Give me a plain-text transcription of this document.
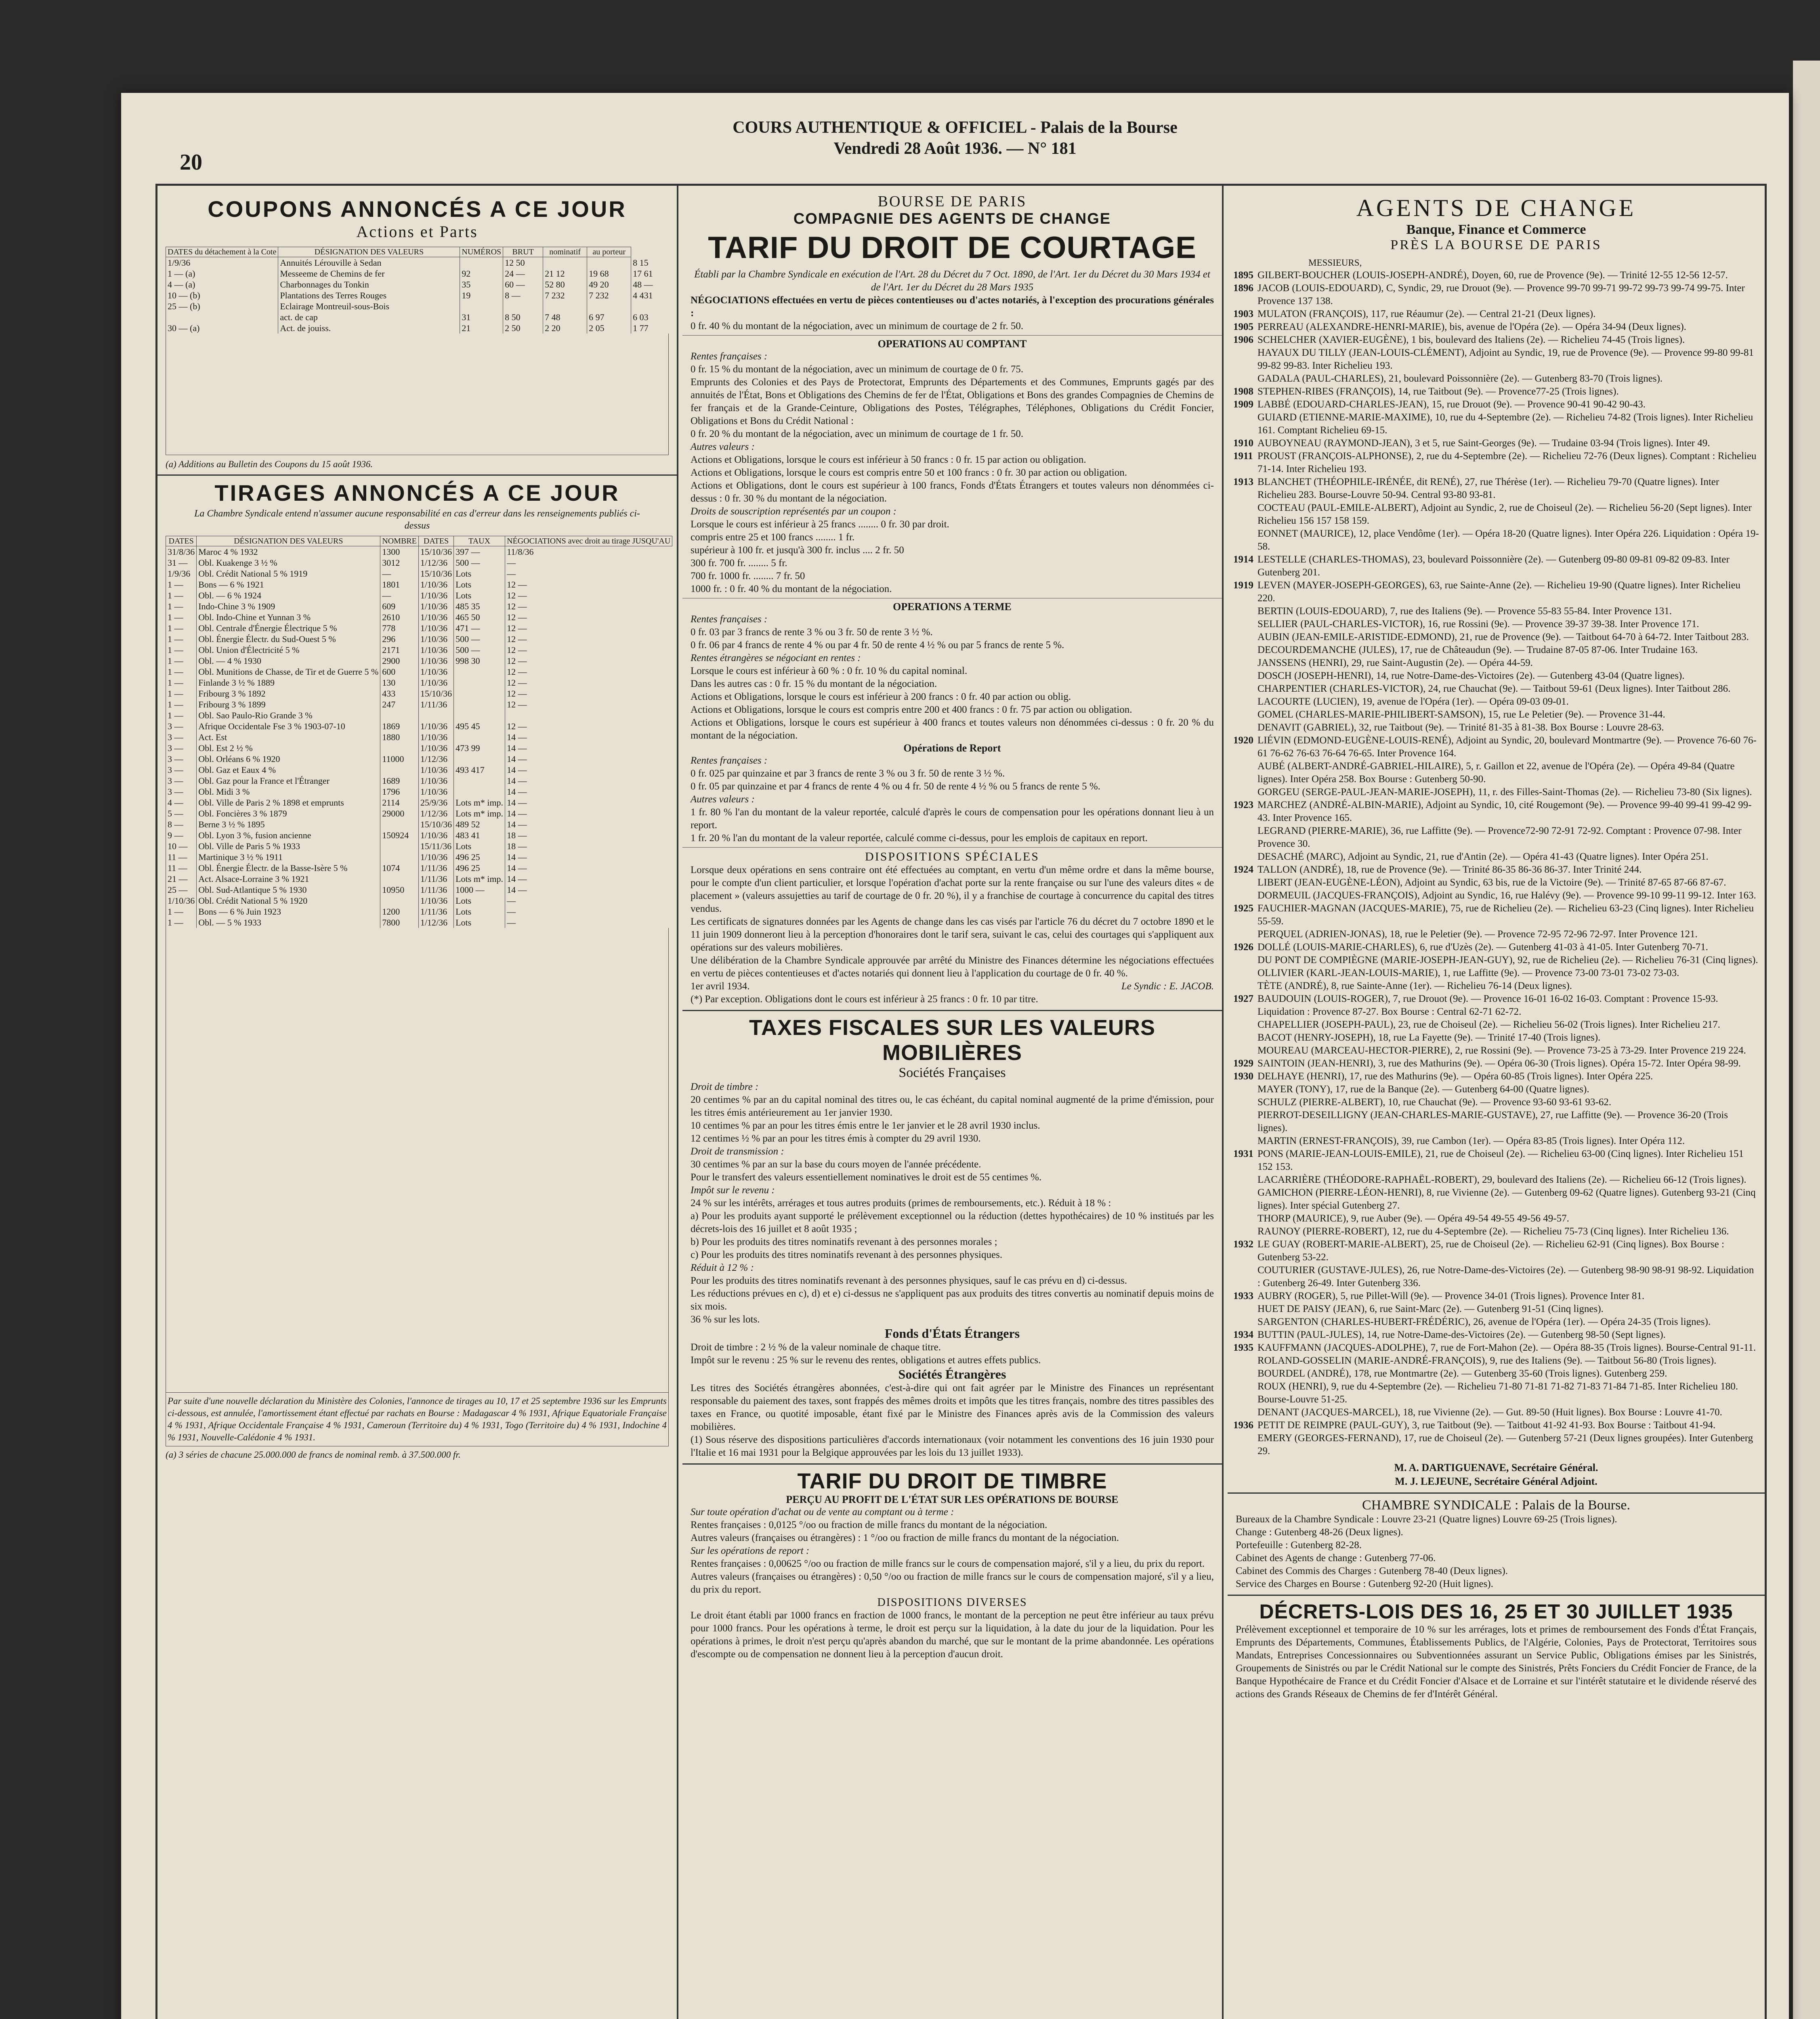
COURS AUTHENTIQUE & OFFICIEL - Palais de la Bourse
Vendredi 28 Août 1936. — N° 181
20
COUPONS ANNONCÉS A CE JOUR
Actions et Parts
DATES du détachement à la Cote	DÉSIGNATION DES VALEURS	NUMÉROS	BRUT	nominatif	au porteur	
1/9/36	Annuités Lérouville à Sedan		12 50			8 15
1 — (a)	Messeeme de Chemins de fer	92	24 —	21 12	19 68	17 61
4 — (a)	Charbonnages du Tonkin	35	60 —	52 80	49 20	48 —
10 — (b)	Plantations des Terres Rouges	19	8 —	7 232	7 232	4 431
25 — (b)	Eclairage Montreuil-sous-Bois					
	act. de cap	31	8 50	7 48	6 97	6 03
30 — (a)	Act. de jouiss.	21	2 50	2 20	2 05	1 77
(a) Additions au Bulletin des Coupons du 15 août 1936.
TIRAGES ANNONCÉS A CE JOUR
La Chambre Syndicale entend n'assumer aucune responsabilité en cas d'erreur dans les renseignements publiés ci-dessus
DATES	DÉSIGNATION DES VALEURS	NOMBRE	DATES	TAUX	NÉGOCIATIONS avec droit au tirage JUSQU'AU
31/8/36	Maroc 4 % 1932	1300	15/10/36	397 —	11/8/36
31 —	Obl. Kuakenge 3 ½ %	3012	1/12/36	500 —	—
1/9/36	Obl. Crédit National 5 % 1919	—	15/10/36	Lots	—
1 —	Bons — 6 % 1921	1801	1/10/36	Lots	12 —
1 —	Obl. — 6 % 1924	—	1/10/36	Lots	12 —
1 —	Indo-Chine 3 % 1909	609	1/10/36	485 35	12 —
1 —	Obl. Indo-Chine et Yunnan 3 %	2610	1/10/36	465 50	12 —
1 —	Obl. Centrale d'Énergie Électrique 5 %	778	1/10/36	471 —	12 —
1 —	Obl. Énergie Électr. du Sud-Ouest 5 %	296	1/10/36	500 —	12 —
1 —	Obl. Union d'Électricité 5 %	2171	1/10/36	500 —	12 —
1 —	Obl. — 4 % 1930	2900	1/10/36	998 30	12 —
1 —	Obl. Munitions de Chasse, de Tir et de Guerre 5 %	600	1/10/36		12 —
1 —	Finlande 3 ½ % 1889	130	1/10/36		12 —
1 —	Fribourg 3 % 1892	433	15/10/36		12 —
1 —	Fribourg 3 % 1899	247	1/11/36		12 —
1 —	Obl. Sao Paulo-Rio Grande 3 %				
3 —	Afrique Occidentale Fse 3 % 1903-07-10	1869	1/10/36	495 45	12 —
3 —	Act. Est	1880	1/10/36		14 —
3 —	Obl. Est 2 ½ %		1/10/36	473 99	14 —
3 —	Obl. Orléans 6 % 1920	11000	1/12/36		14 —
3 —	Obl. Gaz et Eaux 4 %		1/10/36	493 417	14 —
3 —	Obl. Gaz pour la France et l'Étranger	1689	1/10/36		14 —
3 —	Obl. Midi 3 %	1796	1/10/36		14 —
4 —	Obl. Ville de Paris 2 % 1898 et emprunts	2114	25/9/36	Lots m* imp.	14 —
5 —	Obl. Foncières 3 % 1879	29000	1/12/36	Lots m* imp.	14 —
8 —	Berne 3 ½ % 1895		15/10/36	489 52	14 —
9 —	Obl. Lyon 3 %, fusion ancienne	150924	1/10/36	483 41	18 —
10 —	Obl. Ville de Paris 5 % 1933		15/11/36	Lots	18 —
11 —	Martinique 3 ½ % 1911		1/10/36	496 25	14 —
11 —	Obl. Énergie Électr. de la Basse-Isère 5 %	1074	1/11/36	496 25	14 —
21 —	Act. Alsace-Lorraine 3 % 1921		1/11/36	Lots m* imp.	14 —
25 —	Obl. Sud-Atlantique 5 % 1930	10950	1/11/36	1000 —	14 —
1/10/36	Obl. Crédit National 5 % 1920		1/10/36	Lots	—
1 —	Bons — 6 % Juin 1923	1200	1/11/36	Lots	—
1 —	Obl. — 5 % 1933	7800	1/12/36	Lots	—
Par suite d'une nouvelle déclaration du Ministère des Colonies, l'annonce de tirages au 10, 17 et 25 septembre 1936 sur les Emprunts ci-dessous, est annulée, l'amortissement étant effectué par rachats en Bourse : Madagascar 4 % 1931, Afrique Equatoriale Française 4 % 1931, Afrique Occidentale Française 4 % 1931, Cameroun (Territoire du) 4 % 1931, Togo (Territoire du) 4 % 1931, Indochine 4 % 1931, Nouvelle-Calédonie 4 % 1931.
(a) 3 séries de chacune 25.000.000 de francs de nominal remb. à 37.500.000 fr.
BOURSE DE PARIS
COMPAGNIE DES AGENTS DE CHANGE
TARIF DU DROIT DE COURTAGE
Établi par la Chambre Syndicale en exécution de l'Art. 28 du Décret du 7 Oct. 1890, de l'Art. 1er du Décret du 30 Mars 1934 et de l'Art. 1er du Décret du 28 Mars 1935
NÉGOCIATIONS effectuées en vertu de pièces contentieuses ou d'actes notariés, à l'exception des procurations générales :
0 fr. 40 % du montant de la négociation, avec un minimum de courtage de 2 fr. 50.
OPERATIONS AU COMPTANT
Rentes françaises :
0 fr. 15 % du montant de la négociation, avec un minimum de courtage de 0 fr. 75.
Emprunts des Colonies et des Pays de Protectorat, Emprunts des Départements et des Communes, Emprunts gagés par des annuités de l'État, Bons et Obligations des Chemins de fer de l'État, Obligations et Bons des grandes Compagnies de Chemins de fer français et de la Grande-Ceinture, Obligations des Postes, Télégraphes, Téléphones, Obligations du Crédit Foncier, Obligations et Bons du Crédit National :
0 fr. 20 % du montant de la négociation, avec un minimum de courtage de 1 fr. 50.
Autres valeurs :
Actions et Obligations, lorsque le cours est inférieur à 50 francs : 0 fr. 15 par action ou obligation.
Actions et Obligations, lorsque le cours est compris entre 50 et 100 francs : 0 fr. 30 par action ou obligation.
Actions et Obligations, dont le cours est supérieur à 100 francs, Fonds d'États Étrangers et toutes valeurs non dénommées ci-dessus : 0 fr. 30 % du montant de la négociation.
Droits de souscription représentés par un coupon :
Lorsque le cours est inférieur à 25 francs ........ 0 fr. 30 par droit.
compris entre 25 et 100 francs ........ 1 fr.
supérieur à 100 fr. et jusqu'à 300 fr. inclus .... 2 fr. 50
300 fr. 700 fr. ........ 5 fr.
700 fr. 1000 fr. ........ 7 fr. 50
1000 fr. : 0 fr. 40 % du montant de la négociation.
OPERATIONS A TERME
Rentes françaises :
0 fr. 03 par 3 francs de rente 3 % ou 3 fr. 50 de rente 3 ½ %.
0 fr. 06 par 4 francs de rente 4 % ou par 4 fr. 50 de rente 4 ½ % ou par 5 francs de rente 5 %.
Rentes étrangères se négociant en rentes :
Lorsque le cours est inférieur à 60 % : 0 fr. 10 % du capital nominal.
Dans les autres cas : 0 fr. 15 % du montant de la négociation.
Actions et Obligations, lorsque le cours est inférieur à 200 francs : 0 fr. 40 par action ou oblig.
Actions et Obligations, lorsque le cours est compris entre 200 et 400 francs : 0 fr. 75 par action ou obligation.
Actions et Obligations, lorsque le cours est supérieur à 400 francs et toutes valeurs non dénommées ci-dessus : 0 fr. 20 % du montant de la négociation.
Opérations de Report
Rentes françaises :
0 fr. 025 par quinzaine et par 3 francs de rente 3 % ou 3 fr. 50 de rente 3 ½ %.
0 fr. 05 par quinzaine et par 4 francs de rente 4 % ou 4 fr. 50 de rente 4 ½ % ou 5 francs de rente 5 %.
Autres valeurs :
1 fr. 80 % l'an du montant de la valeur reportée, calculé d'après le cours de compensation pour les opérations donnant lieu à un report.
1 fr. 20 % l'an du montant de la valeur reportée, calculé comme ci-dessus, pour les emplois de capitaux en report.
DISPOSITIONS SPÉCIALES
Lorsque deux opérations en sens contraire ont été effectuées au comptant, en vertu d'un même ordre et dans la même bourse, pour le compte d'un client particulier, et lorsque l'opération d'achat porte sur la rente française ou sur l'une des valeurs dites « de placement » (valeurs assujetties au tarif de courtage de 0 fr. 20 %), il y a franchise de courtage à concurrence du capital des titres vendus.
Les certificats de signatures données par les Agents de change dans les cas visés par l'article 76 du décret du 7 octobre 1890 et le 11 juin 1909 donneront lieu à la perception d'honoraires dont le tarif sera, suivant le cas, celui des courtages qui s'appliquent aux opérations sur des valeurs mobilières.
Une délibération de la Chambre Syndicale approuvée par arrêté du Ministre des Finances détermine les négociations effectuées en vertu de pièces contentieuses et d'actes notariés qui donnent lieu à l'application du courtage de 0 fr. 40 %.
1er avril 1934.	Le Syndic : E. JACOB.
(*) Par exception. Obligations dont le cours est inférieur à 25 francs : 0 fr. 10 par titre.
TAXES FISCALES SUR LES VALEURS MOBILIÈRES
Sociétés Françaises
Droit de timbre :
20 centimes % par an du capital nominal des titres ou, le cas échéant, du capital nominal augmenté de la prime d'émission, pour les titres émis antérieurement au 1er janvier 1930.
10 centimes % par an pour les titres émis entre le 1er janvier et le 28 avril 1930 inclus.
12 centimes ½ % par an pour les titres émis à compter du 29 avril 1930.
Droit de transmission :
30 centimes % par an sur la base du cours moyen de l'année précédente.
Pour le transfert des valeurs essentiellement nominatives le droit est de 55 centimes %.
Impôt sur le revenu :
24 % sur les intérêts, arrérages et tous autres produits (primes de remboursements, etc.). Réduit à 18 % :
a) Pour les produits ayant supporté le prélèvement exceptionnel ou la réduction (dettes hypothécaires) de 10 % institués par les décrets-lois des 16 juillet et 8 août 1935 ;
b) Pour les produits des titres nominatifs revenant à des personnes morales ;
c) Pour les produits des titres nominatifs revenant à des personnes physiques.
Réduit à 12 % :
Pour les produits des titres nominatifs revenant à des personnes physiques, sauf le cas prévu en d) ci-dessus.
Les réductions prévues en c), d) et e) ci-dessus ne s'appliquent pas aux produits des titres convertis au nominatif depuis moins de six mois.
36 % sur les lots.
Fonds d'États Étrangers
Droit de timbre : 2 ½ % de la valeur nominale de chaque titre.
Impôt sur le revenu : 25 % sur le revenu des rentes, obligations et autres effets publics.
Sociétés Étrangères
Les titres des Sociétés étrangères abonnées, c'est-à-dire qui ont fait agréer par le Ministre des Finances un représentant responsable du paiement des taxes, sont frappés des mêmes droits et impôts que les titres français, nombre des titres passibles des taxes en France, ou quotité imposable, étant fixé par le Ministre des Finances après avis de la Commission des valeurs mobilières.
(1) Sous réserve des dispositions particulières d'accords internationaux (voir notamment les conventions des 16 juin 1930 pour l'Italie et 16 mai 1931 pour la Belgique approuvées par les lois du 13 juillet 1933).
TARIF DU DROIT DE TIMBRE
PERÇU AU PROFIT DE L'ÉTAT SUR LES OPÉRATIONS DE BOURSE
Sur toute opération d'achat ou de vente au comptant ou à terme :
Rentes françaises : 0,0125 °/oo ou fraction de mille francs du montant de la négociation.
Autres valeurs (françaises ou étrangères) : 1 °/oo ou fraction de mille francs du montant de la négociation.
Sur les opérations de report :
Rentes françaises : 0,00625 °/oo ou fraction de mille francs sur le cours de compensation majoré, s'il y a lieu, du prix du report.
Autres valeurs (françaises ou étrangères) : 0,50 °/oo ou fraction de mille francs sur le cours de compensation majoré, s'il y a lieu, du prix du report.
DISPOSITIONS DIVERSES
Le droit étant établi par 1000 francs en fraction de 1000 francs, le montant de la perception ne peut être inférieur au taux prévu pour 1000 francs. Pour les opérations à terme, le droit est perçu sur la liquidation, à la date du jour de la liquidation. Pour les opérations à primes, le droit n'est perçu qu'après abandon du marché, que sur le montant de la prime abandonnée. Les opérations d'escompte ou de compensation ne donnent lieu à la perception d'aucun droit.
AGENTS DE CHANGE
Banque, Finance et Commerce
PRÈS LA BOURSE DE PARIS
MESSIEURS,
1895 GILBERT-BOUCHER (LOUIS-JOSEPH-ANDRÉ), Doyen, 60, rue de Provence (9e). — Trinité 12-55 12-56 12-57.
1896 JACOB (LOUIS-EDOUARD), C, Syndic, 29, rue Drouot (9e). — Provence 99-70 99-71 99-72 99-73 99-74 99-75. Inter Provence 137 138.
1903 MULATON (FRANÇOIS), 117, rue Réaumur (2e). — Central 21-21 (Deux lignes).
1905 PERREAU (ALEXANDRE-HENRI-MARIE), bis, avenue de l'Opéra (2e). — Opéra 34-94 (Deux lignes).
1906 SCHELCHER (XAVIER-EUGÈNE), 1 bis, boulevard des Italiens (2e). — Richelieu 74-45 (Trois lignes).
HAYAUX DU TILLY (JEAN-LOUIS-CLÉMENT), Adjoint au Syndic, 19, rue de Provence (9e). — Provence 99-80 99-81 99-82 99-83. Inter Richelieu 193.
GADALA (PAUL-CHARLES), 21, boulevard Poissonnière (2e). — Gutenberg 83-70 (Trois lignes).
1908 STEPHEN-RIBES (FRANÇOIS), 14, rue Taitbout (9e). — Provence77-25 (Trois lignes).
1909 LABBÉ (EDOUARD-CHARLES-JEAN), 15, rue Drouot (9e). — Provence 90-41 90-42 90-43.
GUIARD (ETIENNE-MARIE-MAXIME), 10, rue du 4-Septembre (2e). — Richelieu 74-82 (Trois lignes). Inter Richelieu 161. Comptant Richelieu 69-15.
1910 AUBOYNEAU (RAYMOND-JEAN), 3 et 5, rue Saint-Georges (9e). — Trudaine 03-94 (Trois lignes). Inter 49.
1911 PROUST (FRANÇOIS-ALPHONSE), 2, rue du 4-Septembre (2e). — Richelieu 72-76 (Deux lignes). Comptant : Richelieu 71-14. Inter Richelieu 193.
1913 BLANCHET (THÉOPHILE-IRÉNÉE, dit RENÉ), 27, rue Thérèse (1er). — Richelieu 79-70 (Quatre lignes). Inter Richelieu 283. Bourse-Louvre 50-94. Central 93-80 93-81.
COCTEAU (PAUL-EMILE-ALBERT), Adjoint au Syndic, 2, rue de Choiseul (2e). — Richelieu 56-20 (Sept lignes). Inter Richelieu 156 157 158 159.
EONNET (MAURICE), 12, place Vendôme (1er). — Opéra 18-20 (Quatre lignes). Inter Opéra 226. Liquidation : Opéra 19-58.
1914 LESTELLE (CHARLES-THOMAS), 23, boulevard Poissonnière (2e). — Gutenberg 09-80 09-81 09-82 09-83. Inter Gutenberg 201.
1919 LEVEN (MAYER-JOSEPH-GEORGES), 63, rue Sainte-Anne (2e). — Richelieu 19-90 (Quatre lignes). Inter Richelieu 220.
BERTIN (LOUIS-EDOUARD), 7, rue des Italiens (9e). — Provence 55-83 55-84. Inter Provence 131.
SELLIER (PAUL-CHARLES-VICTOR), 16, rue Rossini (9e). — Provence 39-37 39-38. Inter Provence 171.
AUBIN (JEAN-EMILE-ARISTIDE-EDMOND), 21, rue de Provence (9e). — Taitbout 64-70 à 64-72. Inter Taitbout 283.
DECOURDEMANCHE (JULES), 17, rue de Châteaudun (9e). — Trudaine 87-05 87-06. Inter Trudaine 163.
JANSSENS (HENRI), 29, rue Saint-Augustin (2e). — Opéra 44-59.
DOSCH (JOSEPH-HENRI), 14, rue Notre-Dame-des-Victoires (2e). — Gutenberg 43-04 (Quatre lignes).
CHARPENTIER (CHARLES-VICTOR), 24, rue Chauchat (9e). — Taitbout 59-61 (Deux lignes). Inter Taitbout 286.
LACOURTE (LUCIEN), 19, avenue de l'Opéra (1er). — Opéra 09-03 09-01.
GOMEL (CHARLES-MARIE-PHILIBERT-SAMSON), 15, rue Le Peletier (9e). — Provence 31-44.
DENAVIT (GABRIEL), 32, rue Taitbout (9e). — Trinité 81-35 à 81-38. Box Bourse : Louvre 28-63.
1920 LIÉVIN (EDMOND-EUGÈNE-LOUIS-RENÉ), Adjoint au Syndic, 20, boulevard Montmartre (9e). — Provence 76-60 76-61 76-62 76-63 76-64 76-65. Inter Provence 164.
AUBÉ (ALBERT-ANDRÉ-GABRIEL-HILAIRE), 5, r. Gaillon et 22, avenue de l'Opéra (2e). — Opéra 49-84 (Quatre lignes). Inter Opéra 258. Box Bourse : Gutenberg 50-90.
GORGEU (SERGE-PAUL-JEAN-MARIE-JOSEPH), 11, r. des Filles-Saint-Thomas (2e). — Richelieu 73-80 (Six lignes).
1923 MARCHEZ (ANDRÉ-ALBIN-MARIE), Adjoint au Syndic, 10, cité Rougemont (9e). — Provence 99-40 99-41 99-42 99-43. Inter Provence 165.
LEGRAND (PIERRE-MARIE), 36, rue Laffitte (9e). — Provence72-90 72-91 72-92. Comptant : Provence 07-98. Inter Provence 30.
DESACHÉ (MARC), Adjoint au Syndic, 21, rue d'Antin (2e). — Opéra 41-43 (Quatre lignes). Inter Opéra 251.
1924 TALLON (ANDRÉ), 18, rue de Provence (9e). — Trinité 86-35 86-36 86-37. Inter Trinité 244.
LIBERT (JEAN-EUGÈNE-LÉON), Adjoint au Syndic, 63 bis, rue de la Victoire (9e). — Trinité 87-65 87-66 87-67.
DORMEUIL (JACQUES-FRANÇOIS), Adjoint au Syndic, 16, rue Halévy (9e). — Provence 99-10 99-11 99-12. Inter 163.
1925 FAUCHIER-MAGNAN (JACQUES-MARIE), 75, rue de Richelieu (2e). — Richelieu 63-23 (Cinq lignes). Inter Richelieu 55-59.
PERQUEL (ADRIEN-JONAS), 18, rue le Peletier (9e). — Provence 72-95 72-96 72-97. Inter Provence 121.
1926 DOLLÉ (LOUIS-MARIE-CHARLES), 6, rue d'Uzès (2e). — Gutenberg 41-03 à 41-05. Inter Gutenberg 70-71.
DU PONT DE COMPIÈGNE (MARIE-JOSEPH-JEAN-GUY), 92, rue de Richelieu (2e). — Richelieu 76-31 (Cinq lignes).
OLLIVIER (KARL-JEAN-LOUIS-MARIE), 1, rue Laffitte (9e). — Provence 73-00 73-01 73-02 73-03.
TÈTE (ANDRÉ), 8, rue Sainte-Anne (1er). — Richelieu 76-14 (Deux lignes).
1927 BAUDOUIN (LOUIS-ROGER), 7, rue Drouot (9e). — Provence 16-01 16-02 16-03. Comptant : Provence 15-93. Liquidation : Provence 87-27. Box Bourse : Central 62-71 62-72.
CHAPELLIER (JOSEPH-PAUL), 23, rue de Choiseul (2e). — Richelieu 56-02 (Trois lignes). Inter Richelieu 217.
BACOT (HENRY-JOSEPH), 18, rue La Fayette (9e). — Trinité 17-40 (Trois lignes).
MOUREAU (MARCEAU-HECTOR-PIERRE), 2, rue Rossini (9e). — Provence 73-25 à 73-29. Inter Provence 219 224.
1929 SAINTOIN (JEAN-HENRI), 3, rue des Mathurins (9e). — Opéra 06-30 (Trois lignes). Opéra 15-72. Inter Opéra 98-99.
1930 DELHAYE (HENRI), 17, rue des Mathurins (9e). — Opéra 60-85 (Trois lignes). Inter Opéra 225.
MAYER (TONY), 17, rue de la Banque (2e). — Gutenberg 64-00 (Quatre lignes).
SCHULZ (PIERRE-ALBERT), 10, rue Chauchat (9e). — Provence 93-60 93-61 93-62.
PIERROT-DESEILLIGNY (JEAN-CHARLES-MARIE-GUSTAVE), 27, rue Laffitte (9e). — Provence 36-20 (Trois lignes).
MARTIN (ERNEST-FRANÇOIS), 39, rue Cambon (1er). — Opéra 83-85 (Trois lignes). Inter Opéra 112.
1931 PONS (MARIE-JEAN-LOUIS-EMILE), 21, rue de Choiseul (2e). — Richelieu 63-00 (Cinq lignes). Inter Richelieu 151 152 153.
LACARRIÈRE (THÉODORE-RAPHAËL-ROBERT), 29, boulevard des Italiens (2e). — Richelieu 66-12 (Trois lignes).
GAMICHON (PIERRE-LÉON-HENRI), 8, rue Vivienne (2e). — Gutenberg 09-62 (Quatre lignes). Gutenberg 93-21 (Cinq lignes). Inter spécial Gutenberg 27.
THORP (MAURICE), 9, rue Auber (9e). — Opéra 49-54 49-55 49-56 49-57.
RAUNOY (PIERRE-ROBERT), 12, rue du 4-Septembre (2e). — Richelieu 75-73 (Cinq lignes). Inter Richelieu 136.
1932 LE GUAY (ROBERT-MARIE-ALBERT), 25, rue de Choiseul (2e). — Richelieu 62-91 (Cinq lignes). Box Bourse : Gutenberg 53-22.
COUTURIER (GUSTAVE-JULES), 26, rue Notre-Dame-des-Victoires (2e). — Gutenberg 98-90 98-91 98-92. Liquidation : Gutenberg 26-49. Inter Gutenberg 336.
1933 AUBRY (ROGER), 5, rue Pillet-Will (9e). — Provence 34-01 (Trois lignes). Provence Inter 81.
HUET DE PAISY (JEAN), 6, rue Saint-Marc (2e). — Gutenberg 91-51 (Cinq lignes).
SARGENTON (CHARLES-HUBERT-FRÉDÉRIC), 26, avenue de l'Opéra (1er). — Opéra 24-35 (Trois lignes).
1934 BUTTIN (PAUL-JULES), 14, rue Notre-Dame-des-Victoires (2e). — Gutenberg 98-50 (Sept lignes).
1935 KAUFFMANN (JACQUES-ADOLPHE), 7, rue de Fort-Mahon (2e). — Opéra 88-35 (Trois lignes). Bourse-Central 91-11.
ROLAND-GOSSELIN (MARIE-ANDRÉ-FRANÇOIS), 9, rue des Italiens (9e). — Taitbout 56-80 (Trois lignes).
BOURDEL (ANDRÉ), 178, rue Montmartre (2e). — Gutenberg 35-60 (Trois lignes). Gutenberg 259.
ROUX (HENRI), 9, rue du 4-Septembre (2e). — Richelieu 71-80 71-81 71-82 71-83 71-84 71-85. Inter Richelieu 180. Bourse-Louvre 51-25.
DENANT (JACQUES-MARCEL), 18, rue Vivienne (2e). — Gut. 89-50 (Huit lignes). Box Bourse : Louvre 41-70.
1936 PETIT DE REIMPRE (PAUL-GUY), 3, rue Taitbout (9e). — Taitbout 41-92 41-93. Box Bourse : Taitbout 41-94.
EMERY (GEORGES-FERNAND), 17, rue de Choiseul (2e). — Gutenberg 57-21 (Deux lignes groupées). Inter Gutenberg 29.
M. A. DARTIGUENAVE, Secrétaire Général.
M. J. LEJEUNE, Secrétaire Général Adjoint.
CHAMBRE SYNDICALE : Palais de la Bourse.
Bureaux de la Chambre Syndicale : Louvre 23-21 (Quatre lignes) Louvre 69-25 (Trois lignes).
Change : Gutenberg 48-26 (Deux lignes).
Portefeuille : Gutenberg 82-28.
Cabinet des Agents de change : Gutenberg 77-06.
Cabinet des Commis des Charges : Gutenberg 78-40 (Deux lignes).
Service des Charges en Bourse : Gutenberg 92-20 (Huit lignes).
DÉCRETS-LOIS DES 16, 25 ET 30 JUILLET 1935
Prélèvement exceptionnel et temporaire de 10 % sur les arrérages, lots et primes de remboursement des Fonds d'État Français, Emprunts des Départements, Communes, Établissements Publics, de l'Algérie, Colonies, Pays de Protectorat, Territoires sous Mandats, Entreprises Concessionnaires ou Subventionnées assurant un Service Public, Obligations émises par les Sinistrés, Groupements de Sinistrés ou par le Crédit National sur le compte des Sinistrés, Prêts Fonciers du Crédit Foncier de France, de la Banque Hypothécaire de France et du Crédit Foncier d'Alsace et de Lorraine et sur l'intérêt statutaire et le dividende réservé des actions des Grands Réseaux de Chemins de fer d'Intérêt Général.
